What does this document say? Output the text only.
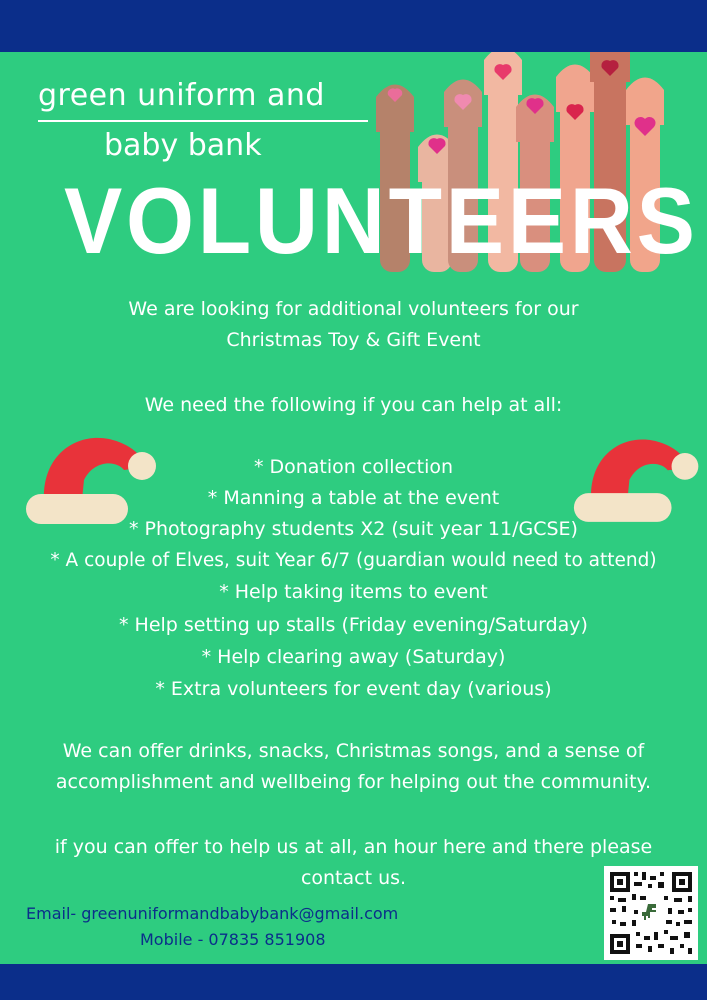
green uniform and
baby bank
VOLUNTEERS
We are looking for additional volunteers for our
Christmas Toy & Gift Event
We need the following if you can help at all:
* Donation collection
* Manning a table at the event
* Photography students X2 (suit year 11/GCSE)
* A couple of Elves, suit Year 6/7 (guardian would need to attend)
* Help taking items to event
* Help setting up stalls (Friday evening/Saturday)
* Help clearing away (Saturday)
* Extra volunteers for event day (various)
We can offer drinks, snacks, Christmas songs, and a sense of
accomplishment and wellbeing for helping out the community.
if you can offer to help us at all, an hour here and there please
contact us.
Email- greenuniformandbabybank@gmail.com
Mobile - 07835 851908
